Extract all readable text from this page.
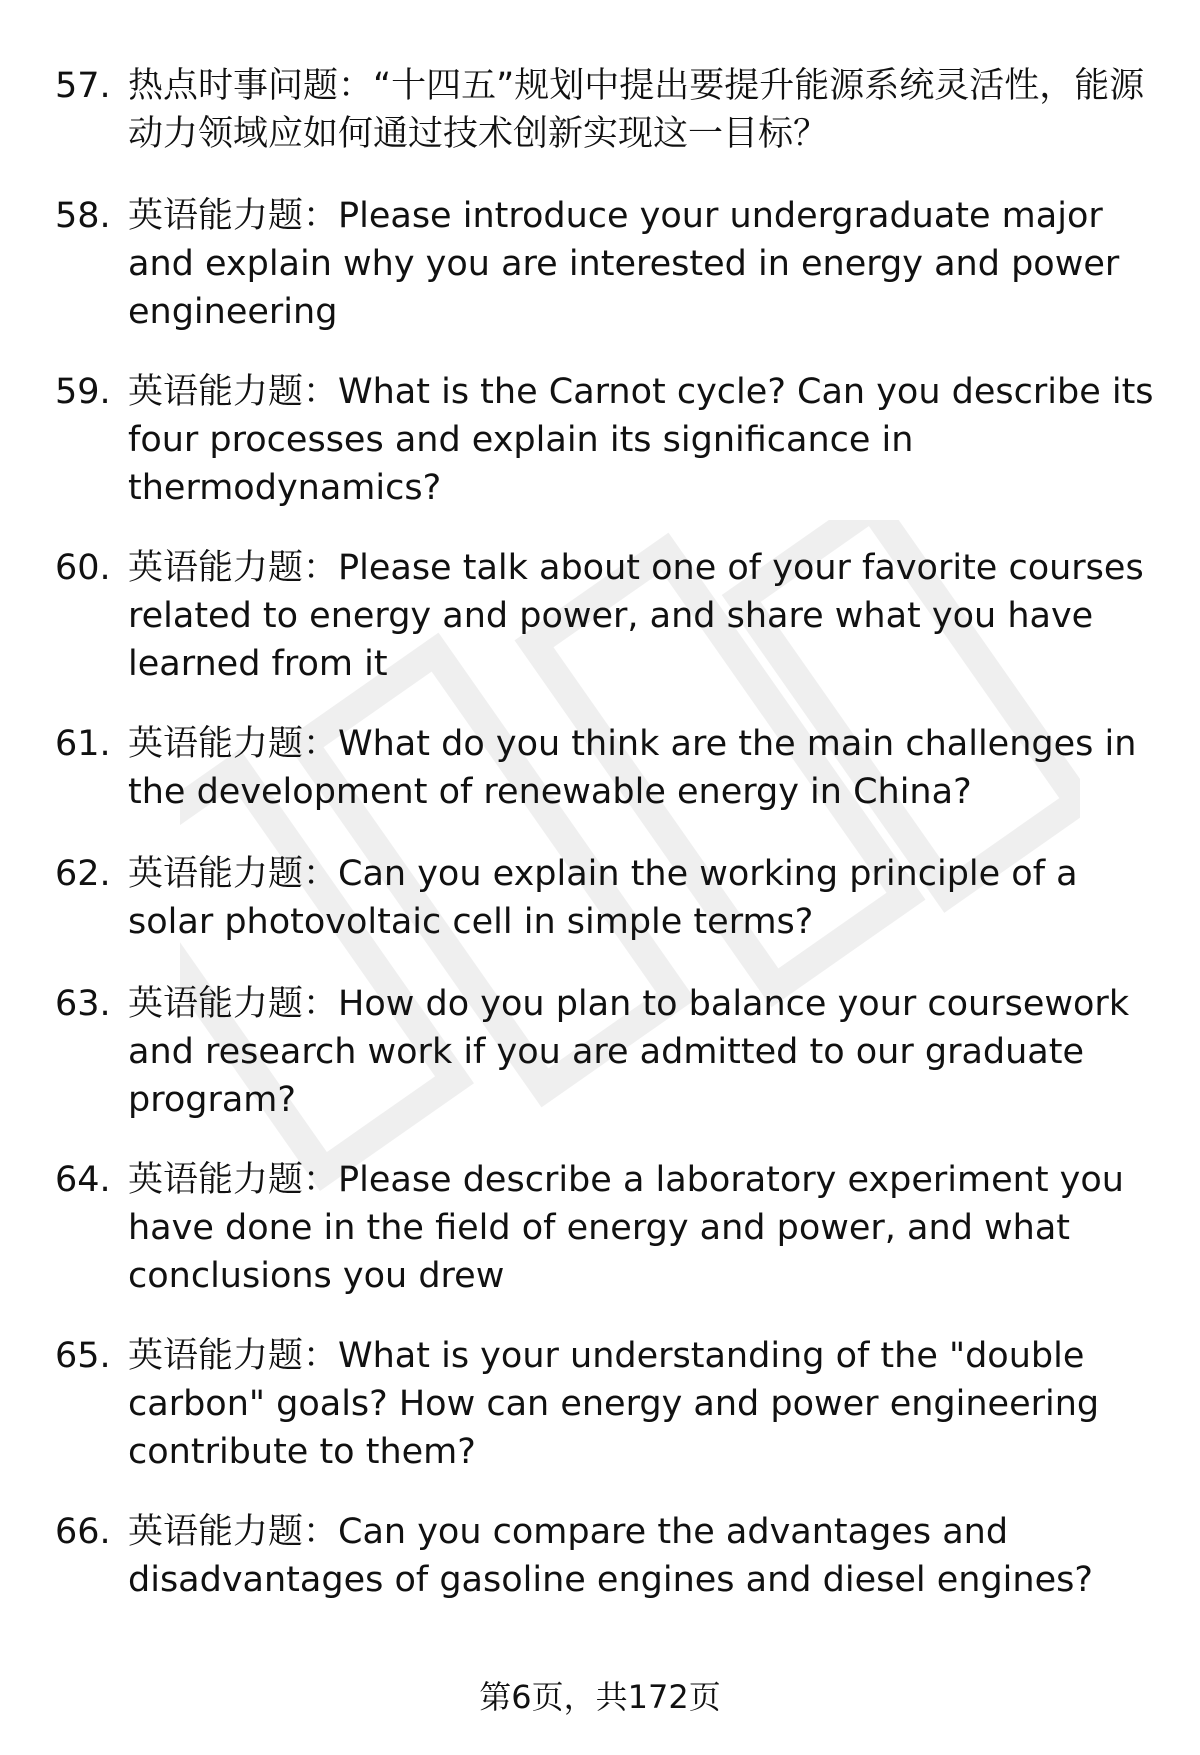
57. 热点时事问题：“十四五”规划中提出要提升能源系统灵活性，能源动力领域应如何通过技术创新实现这一目标？
58. 英语能力题：Please introduce your undergraduate major and explain why you are interested in energy and power engineering
59. 英语能力题：What is the Carnot cycle? Can you describe its four processes and explain its significance in thermodynamics?
60. 英语能力题：Please talk about one of your favorite courses related to energy and power, and share what you have learned from it
61. 英语能力题：What do you think are the main challenges in the development of renewable energy in China?
62. 英语能力题：Can you explain the working principle of a solar photovoltaic cell in simple terms?
63. 英语能力题：How do you plan to balance your coursework and research work if you are admitted to our graduate program?
64. 英语能力题：Please describe a laboratory experiment you have done in the field of energy and power, and what conclusions you drew
65. 英语能力题：What is your understanding of the "double carbon" goals? How can energy and power engineering contribute to them?
66. 英语能力题：Can you compare the advantages and disadvantages of gasoline engines and diesel engines?
第6页，共172页
